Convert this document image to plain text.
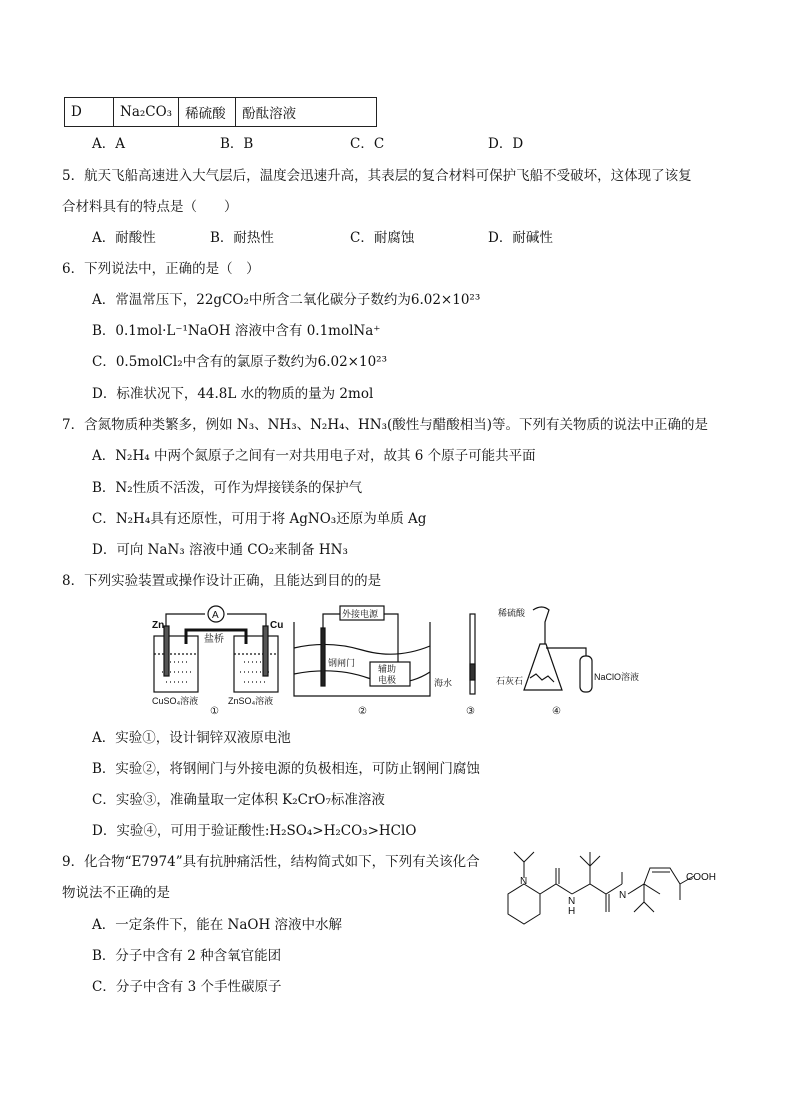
D	Na₂CO₃	稀硫酸	酚酞溶液
A．A	B．B	C．C	D．D
5．航天飞船高速进入大气层后，温度会迅速升高，其表层的复合材料可保护飞船不受破坏，这体现了该复
合材料具有的特点是（　　）
A．耐酸性	B．耐热性	C．耐腐蚀	D．耐碱性
6．下列说法中，正确的是（　）
A．常温常压下，22gCO₂中所含二氧化碳分子数约为6.02×10²³
B．0.1mol·L⁻¹NaOH 溶液中含有 0.1molNa⁺
C．0.5molCl₂中含有的氯原子数约为6.02×10²³
D．标准状况下，44.8L 水的物质的量为 2mol
7．含氮物质种类繁多，例如 N₃、NH₃、N₂H₄、HN₃(酸性与醋酸相当)等。下列有关物质的说法中正确的是
A．N₂H₄ 中两个氮原子之间有一对共用电子对，故其 6 个原子可能共平面
B．N₂性质不活泼，可作为焊接镁条的保护气
C．N₂H₄具有还原性，可用于将 AgNO₃还原为单质 Ag
D．可向 NaN₃ 溶液中通 CO₂来制备 HN₃
8．下列实验装置或操作设计正确，且能达到目的的是
A
Zn	Cu
盐桥
CuSO₄溶液	ZnSO₄溶液
①
外接电源
钢闸门
辅助
电极	海水
②	③
稀硫酸
石灰石	NaClO溶液
④
A．实验①，设计铜锌双液原电池
B．实验②，将钢闸门与外接电源的负极相连，可防止钢闸门腐蚀
C．实验③，准确量取一定体积 K₂CrO₇标准溶液
D．实验④，可用于验证酸性:H₂SO₄>H₂CO₃>HClO
9．化合物“E7974”具有抗肿痛活性，结构简式如下，下列有关该化合
物说法不正确的是
A．一定条件下，能在 NaOH 溶液中水解
B．分子中含有 2 种含氧官能团
C．分子中含有 3 个手性碳原子
N
N
H
N
COOH
